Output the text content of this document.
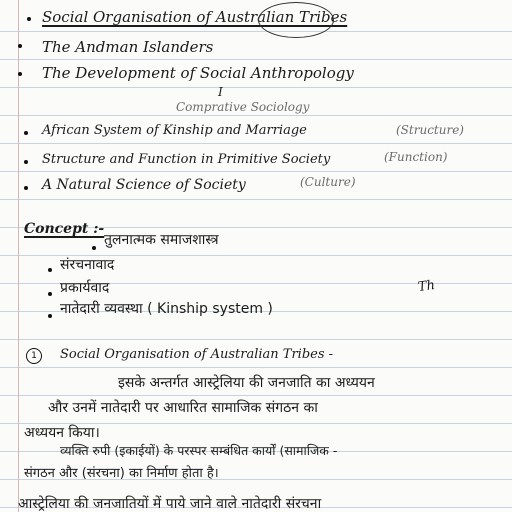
Social Organisation of Australian Tribes
The Andman Islanders
The Development of Social Anthropology
I
Comprative Sociology
African System of Kinship and Marriage	(Structure)
Structure and Function in Primitive Society	(Function)
A Natural Science of Society	(Culture)
Concept :-
तुलनात्मक समाजशास्त्र
संरचनावाद
प्रकार्यवाद	Th
नातेदारी व्यवस्था ( Kinship system )
1	Social Organisation of Australian Tribes -
इसके अन्तर्गत आस्ट्रेलिया की जनजाति का अध्ययन
और उनमें नातेदारी पर आधारित सामाजिक संगठन का
अध्ययन किया।
व्यक्ति रुपी (इकाईयों) के परस्पर सम्बंधित कार्यों (सामाजिक -
संगठन और (संरचना) का निर्माण होता है।
आस्ट्रेलिया की जनजातियों में पाये जाने वाले नातेदारी संरचना
